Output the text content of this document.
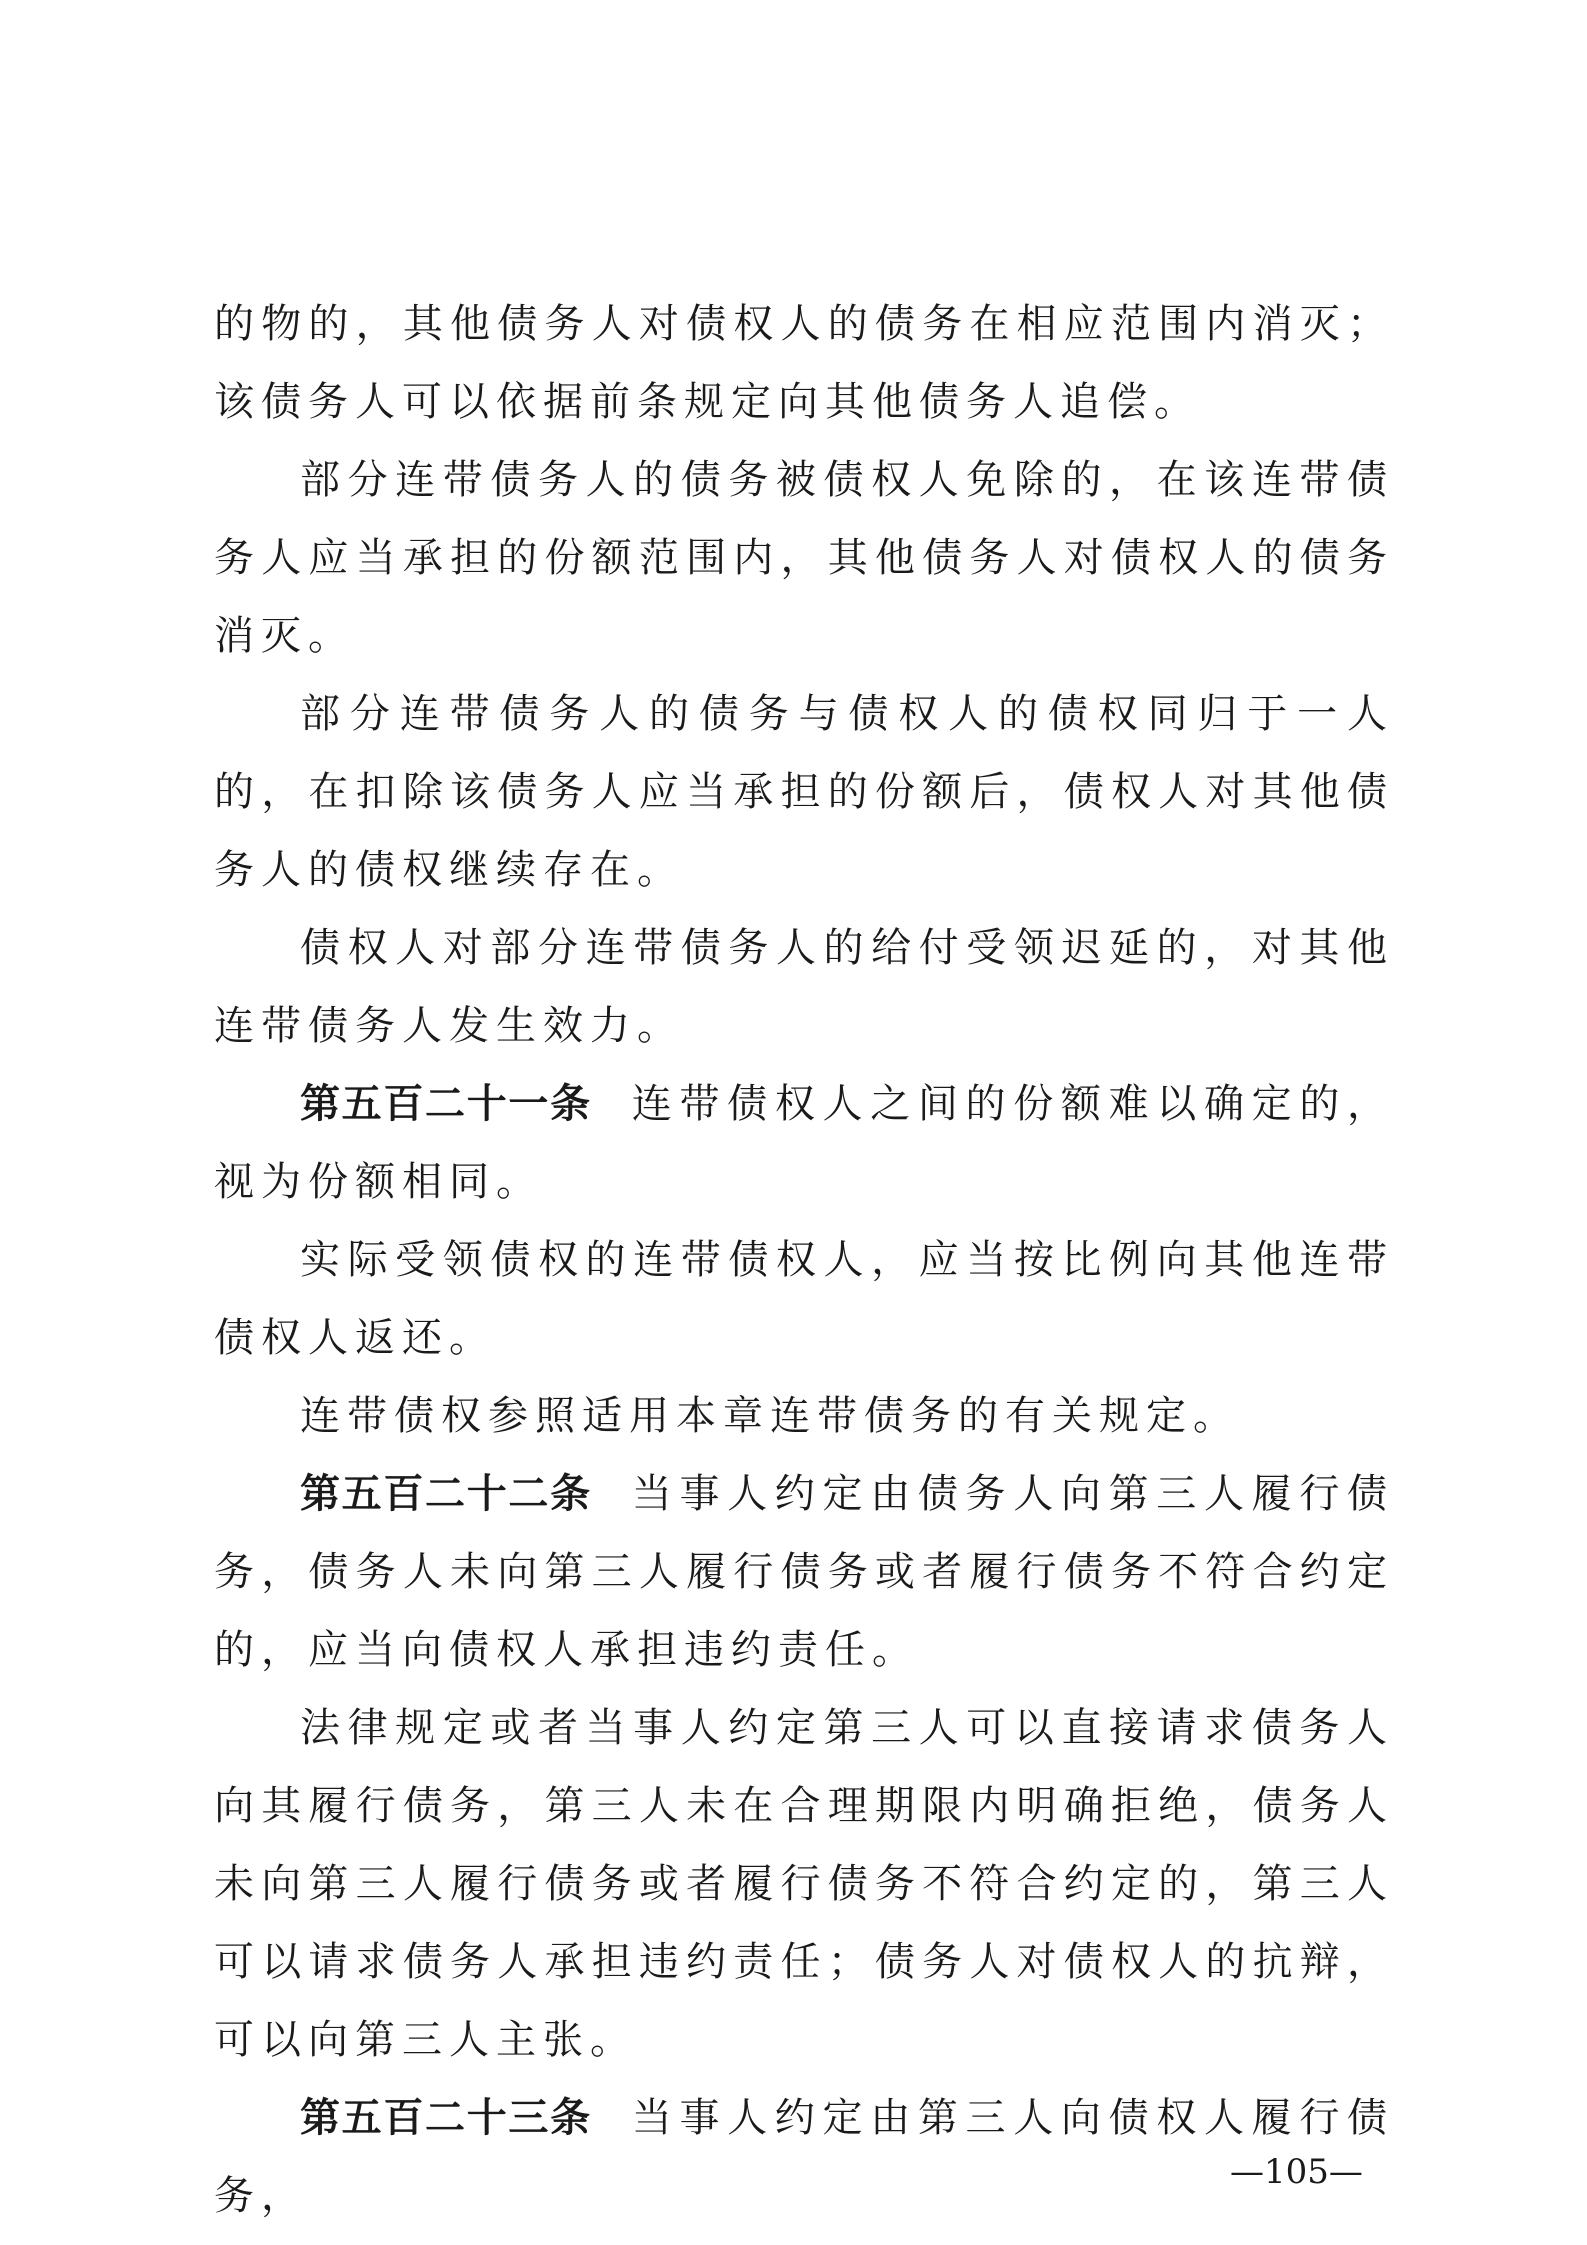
的物的，其他债务人对债权人的债务在相应范围内消灭；该债务人可以依据前条规定向其他债务人追偿。

部分连带债务人的债务被债权人免除的，在该连带债务人应当承担的份额范围内，其他债务人对债权人的债务消灭。

部分连带债务人的债务与债权人的债权同归于一人的，在扣除该债务人应当承担的份额后，债权人对其他债务人的债权继续存在。

债权人对部分连带债务人的给付受领迟延的，对其他连带债务人发生效力。

第五百二十一条 连带债权人之间的份额难以确定的，视为份额相同。

实际受领债权的连带债权人，应当按比例向其他连带债权人返还。

连带债权参照适用本章连带债务的有关规定。

第五百二十二条 当事人约定由债务人向第三人履行债务，债务人未向第三人履行债务或者履行债务不符合约定的，应当向债权人承担违约责任。

法律规定或者当事人约定第三人可以直接请求债务人向其履行债务，第三人未在合理期限内明确拒绝，债务人未向第三人履行债务或者履行债务不符合约定的，第三人可以请求债务人承担违约责任；债务人对债权人的抗辩，可以向第三人主张。

第五百二十三条 当事人约定由第三人向债权人履行债务，

—105—
